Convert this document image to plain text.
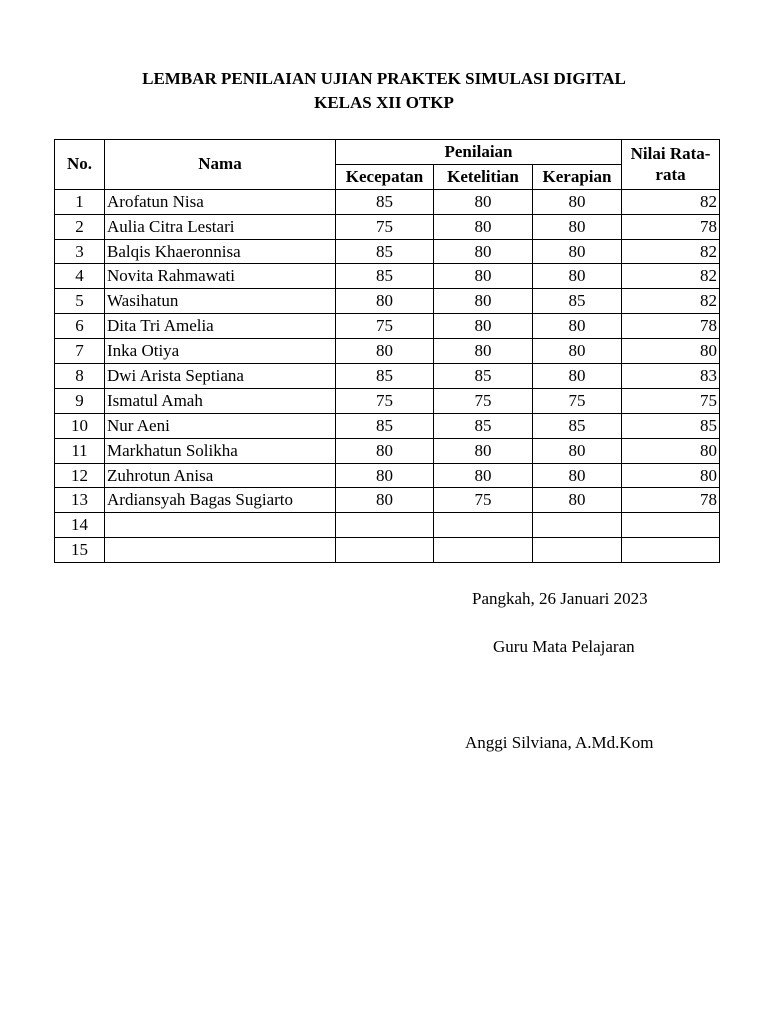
LEMBAR PENILAIAN UJIAN PRAKTEK SIMULASI DIGITAL
KELAS XII OTKP
No.	Nama	Penilaian			Nilai Rata-rata
		Kecepatan	Ketelitian	Kerapian	
1	Arofatun Nisa	85	80	80	82
2	Aulia Citra Lestari	75	80	80	78
3	Balqis Khaeronnisa	85	80	80	82
4	Novita Rahmawati	85	80	80	82
5	Wasihatun	80	80	85	82
6	Dita Tri Amelia	75	80	80	78
7	Inka Otiya	80	80	80	80
8	Dwi Arista Septiana	85	85	80	83
9	Ismatul Amah	75	75	75	75
10	Nur Aeni	85	85	85	85
11	Markhatun Solikha	80	80	80	80
12	Zuhrotun Anisa	80	80	80	80
13	Ardiansyah Bagas Sugiarto	80	75	80	78
14					
15					
Pangkah, 26 Januari 2023
Guru Mata Pelajaran
Anggi Silviana, A.Md.Kom
